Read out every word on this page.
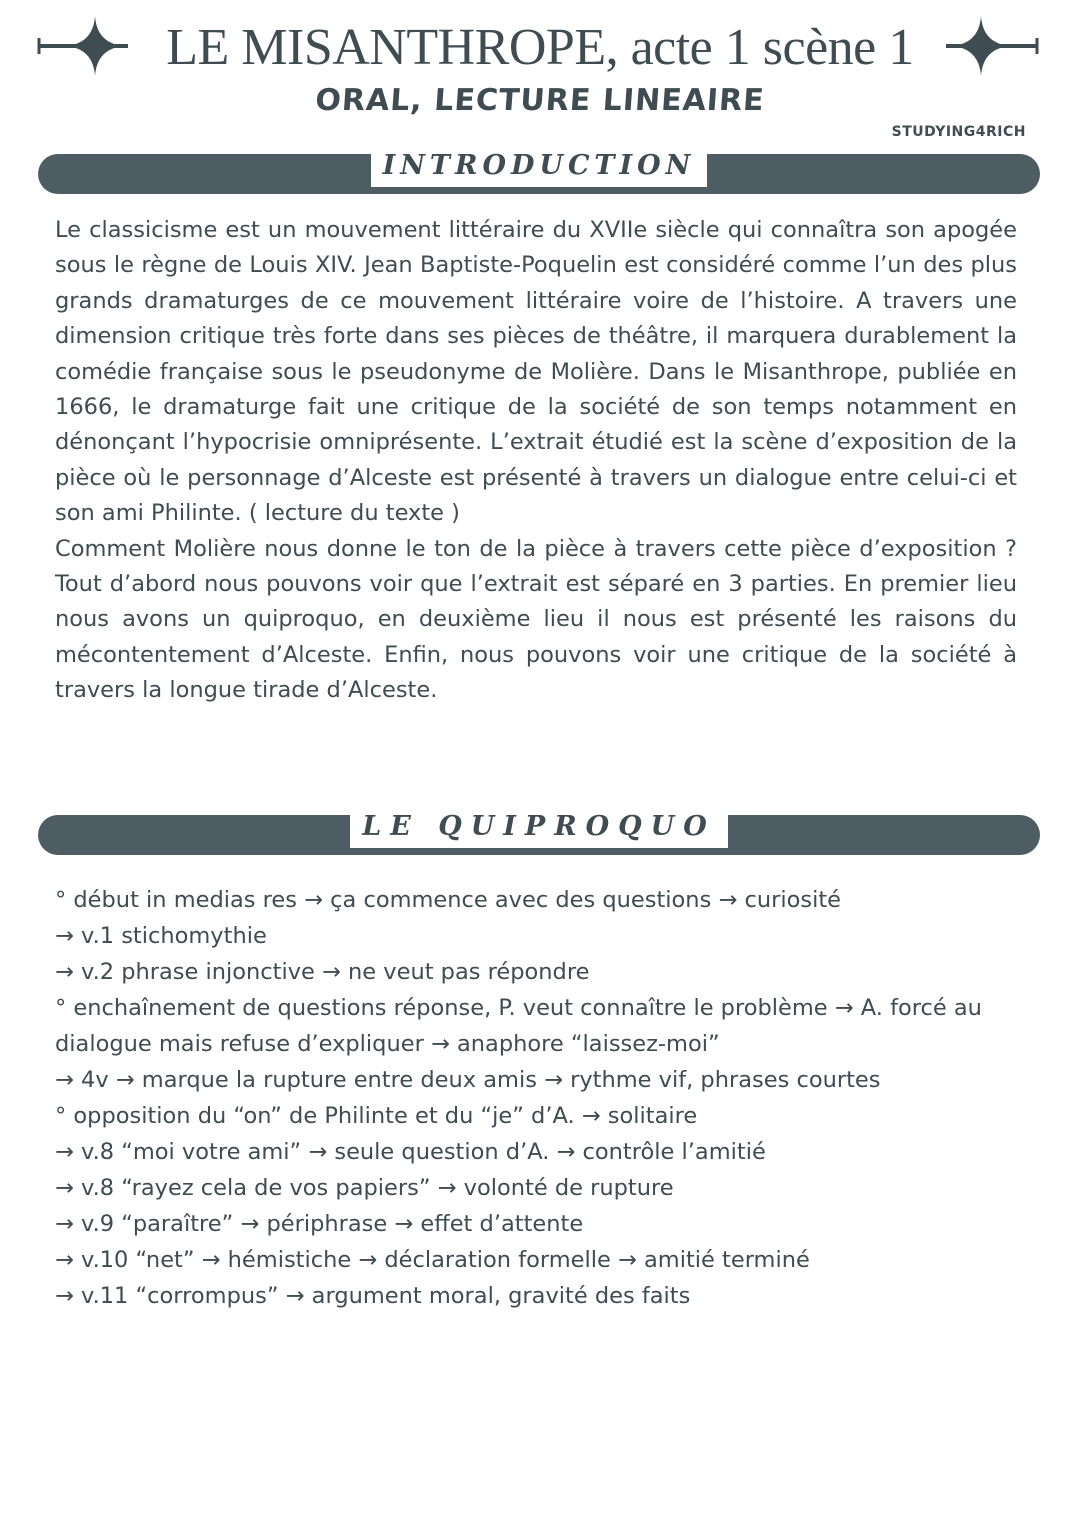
LE MISANTHROPE, acte 1 scène 1
ORAL, LECTURE LINEAIRE
STUDYING4RICH
INTRODUCTION

Le classicisme est un mouvement littéraire du XVIIe siècle qui connaîtra son apogée sous le règne de Louis XIV. Jean Baptiste-Poquelin est considéré comme l’un des plus grands dramaturges de ce mouvement littéraire voire de l’histoire. A travers une dimension critique très forte dans ses pièces de théâtre, il marquera durablement la comédie française sous le pseudonyme de Molière. Dans le Misanthrope, publiée en 1666, le dramaturge fait une critique de la société de son temps notamment en dénonçant l’hypocrisie omniprésente. L’extrait étudié est la scène d’exposition de la pièce où le personnage d’Alceste est présenté à travers un dialogue entre celui-ci et son ami Philinte. ( lecture du texte )

Comment Molière nous donne le ton de la pièce à travers cette pièce d’exposition ? Tout d’abord nous pouvons voir que l’extrait est séparé en 3 parties. En premier lieu nous avons un quiproquo, en deuxième lieu il nous est présenté les raisons du mécontentement d’Alceste. Enfin, nous pouvons voir une critique de la société à travers la longue tirade d’Alceste.

LE QUIPROQUO
° début in medias res → ça commence avec des questions → curiosité
→ v.1 stichomythie
→ v.2 phrase injonctive → ne veut pas répondre
° enchaînement de questions réponse, P. veut connaître le problème → A. forcé au dialogue mais refuse d’expliquer → anaphore “laissez-moi”
→ 4v → marque la rupture entre deux amis → rythme vif, phrases courtes
° opposition du “on” de Philinte et du “je” d’A. → solitaire
→ v.8 “moi votre ami” → seule question d’A. → contrôle l’amitié
→ v.8 “rayez cela de vos papiers” → volonté de rupture
→ v.9 “paraître” → périphrase → effet d’attente
→ v.10 “net” → hémistiche → déclaration formelle → amitié terminé
→ v.11 “corrompus” → argument moral, gravité des faits
